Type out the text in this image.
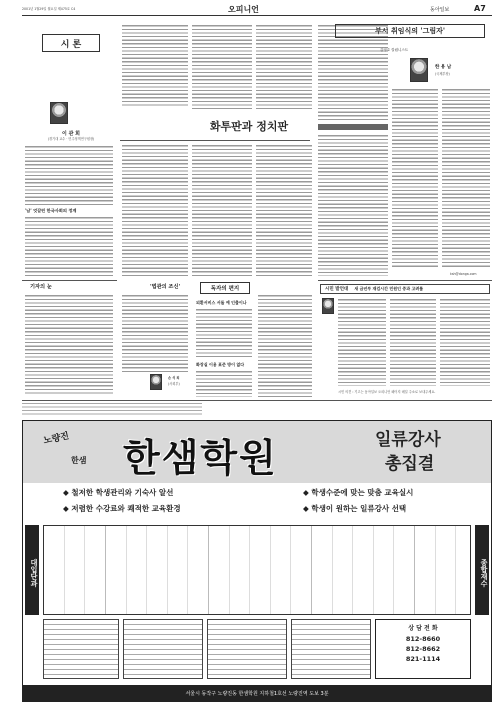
2001년 1월29일 월요일 제475호 C4	오피니언	동아일보	A7
시 론
이 관 희
(경기대 교수 · 민주정책연구원장)
'남' 엇갈린 한국사회의 정계
기자의 눈	'법관의 조신'
손 석 희
(사회부)
화투판과 정치판
독자의 편지
외환서비스 서둘 예 인출이나
화장실 이용 표준 방이 없다
부시 취임식의 '그림자'
김영호 칼럼니스트
한 용 남
(국제부장)
ksh@donga.com
시민 발언대 새 금년부 재검시간 민원인 증과 고려를
시민 의견 : 기고는 동아일보 오피니언 페이지 메일 주소로 보내주세요.
노량진
한샘 한샘학원	일류강사
총집결
◆ 철저한 학생관리와 기숙사 알선	◆ 학생수준에 맞는 맞춤 교육실시
◆ 저렴한 수강료와 쾌적한 교육환경	◆ 학생이 원하는 일류강사 선택
대입단과	종합재수
상 담 전 화
812-8660
812-8662
821-1114
서울시 동작구 노량진동 한샘학원 지하철1호선 노량진역 도보 3분
